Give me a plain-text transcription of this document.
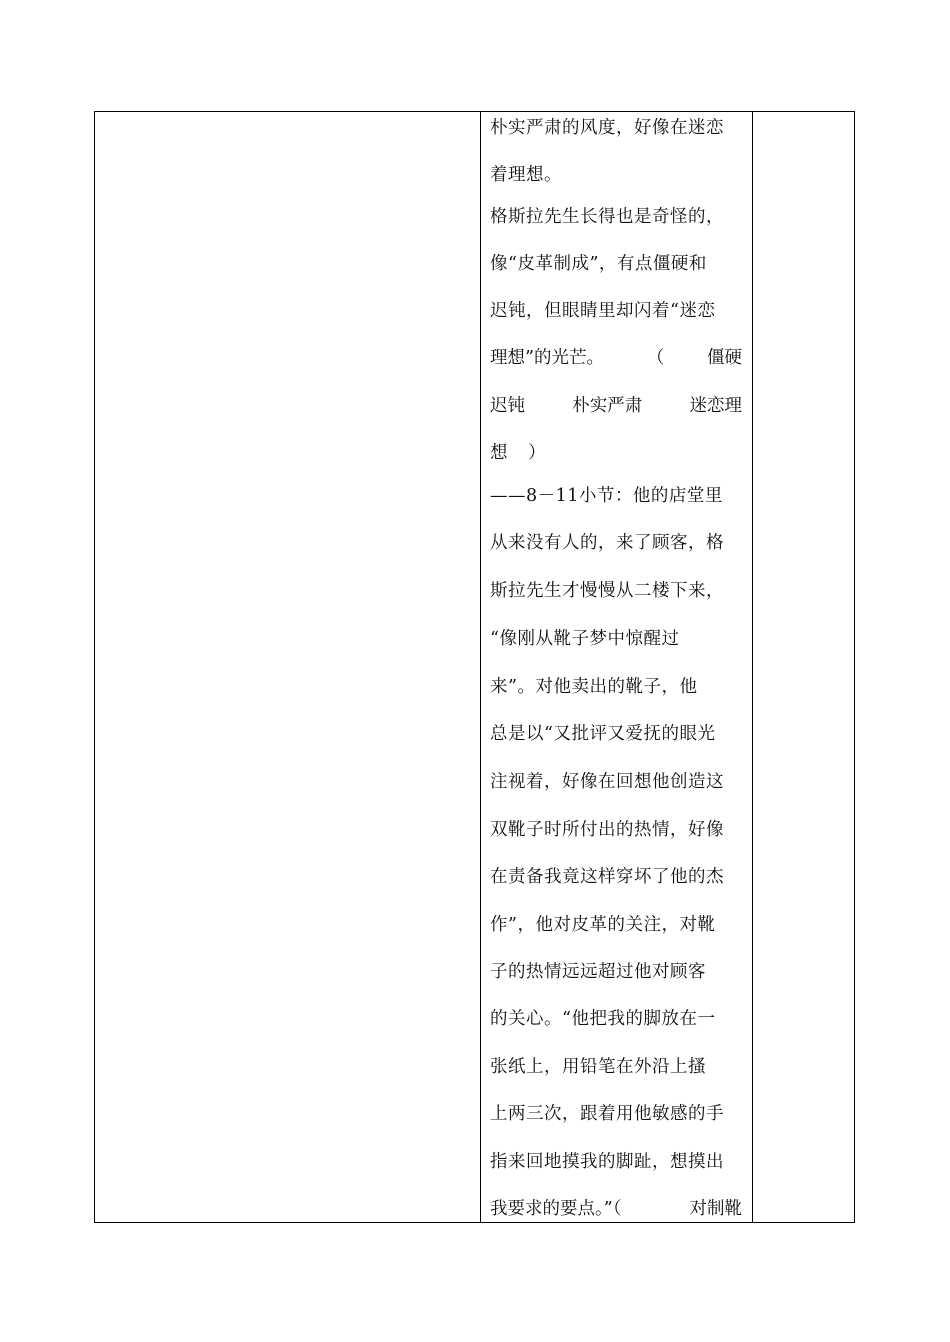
朴实严肃的风度，好像在迷恋
着理想。
格斯拉先生长得也是奇怪的，
像“皮革制成”，有点僵硬和
迟钝，但眼睛里却闪着“迷恋
理想”的光芒。 （ 僵硬
迟钝	朴实严肃	迷恋理
想 ）
——8－11小节：他的店堂里
从来没有人的，来了顾客，格
斯拉先生才慢慢从二楼下来，
“像刚从靴子梦中惊醒过
来”。对他卖出的靴子，他
总是以“又批评又爱抚的眼光
注视着，好像在回想他创造这
双靴子时所付出的热情，好像
在责备我竟这样穿坏了他的杰
作”，他对皮革的关注，对靴
子的热情远远超过他对顾客
的关心。“他把我的脚放在一
张纸上，用铅笔在外沿上搔
上两三次，跟着用他敏感的手
指来回地摸我的脚趾，想摸出
我要求的要点。”（	对制靴
